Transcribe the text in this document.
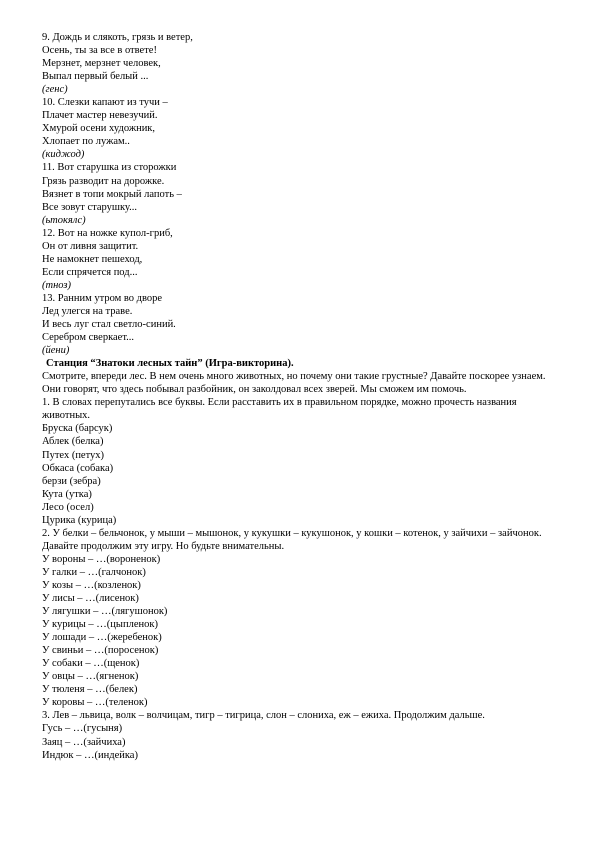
9. Дождь и слякоть, грязь и ветер,
Осень, ты за все в ответе!
Мерзнет, мерзнет человек,
Выпал первый белый ...
(генс)
10. Слезки капают из тучи –
Плачет мастер невезучий.
Хмурой осени художник,
Хлопает по лужам..
(киджод)
11. Вот старушка из сторожки
Грязь разводит на дорожке.
Вязнет в топи мокрый лапоть –
Все зовут старушку...
(ьтокялс)
12. Вот на ножке купол-гриб,
Он от ливня защитит.
Не намокнет пешеход,
Если спрячется под...
(тноз)
13. Ранним утром во дворе
Лед улегся на траве.
И весь луг стал светло-синий.
Серебром сверкает...
(йени)
Станция “Знатоки лесных тайн” (Игра-викторина).
Смотрите, впереди лес. В нем очень много животных, но почему они такие грустные? Давайте поскорее узнаем. Они говорят, что здесь побывал разбойник, он заколдовал всех зверей. Мы сможем им помочь.
1. В словах перепутались все буквы. Если расставить их в правильном порядке, можно прочесть названия животных.
Бруска (барсук)
Аблек (белка)
Путех (петух)
Обкаса (собака)
берзи (зебра)
Кута (утка)
Лесо (осел)
Цурика (курица)
2. У белки – бельчонок, у мыши – мышонок, у кукушки – кукушонок, у кошки – котенок, у зайчихи – зайчонок. Давайте продолжим эту игру. Но будьте внимательны.
У вороны – …(вороненок)
У галки – …(галчонок)
У козы – …(козленок)
У лисы – …(лисенок)
У лягушки – …(лягушонок)
У курицы – …(цыпленок)
У лошади – …(жеребенок)
У свиньи – …(поросенок)
У собаки – …(щенок)
У овцы – …(ягненок)
У тюленя – …(белек)
У коровы – …(теленок)
3. Лев – львица, волк – волчицам, тигр – тигрица, слон – слониха, еж – ежиха. Продолжим дальше.
Гусь – …(гусыня)
Заяц – …(зайчиха)
Индюк – …(индейка)
